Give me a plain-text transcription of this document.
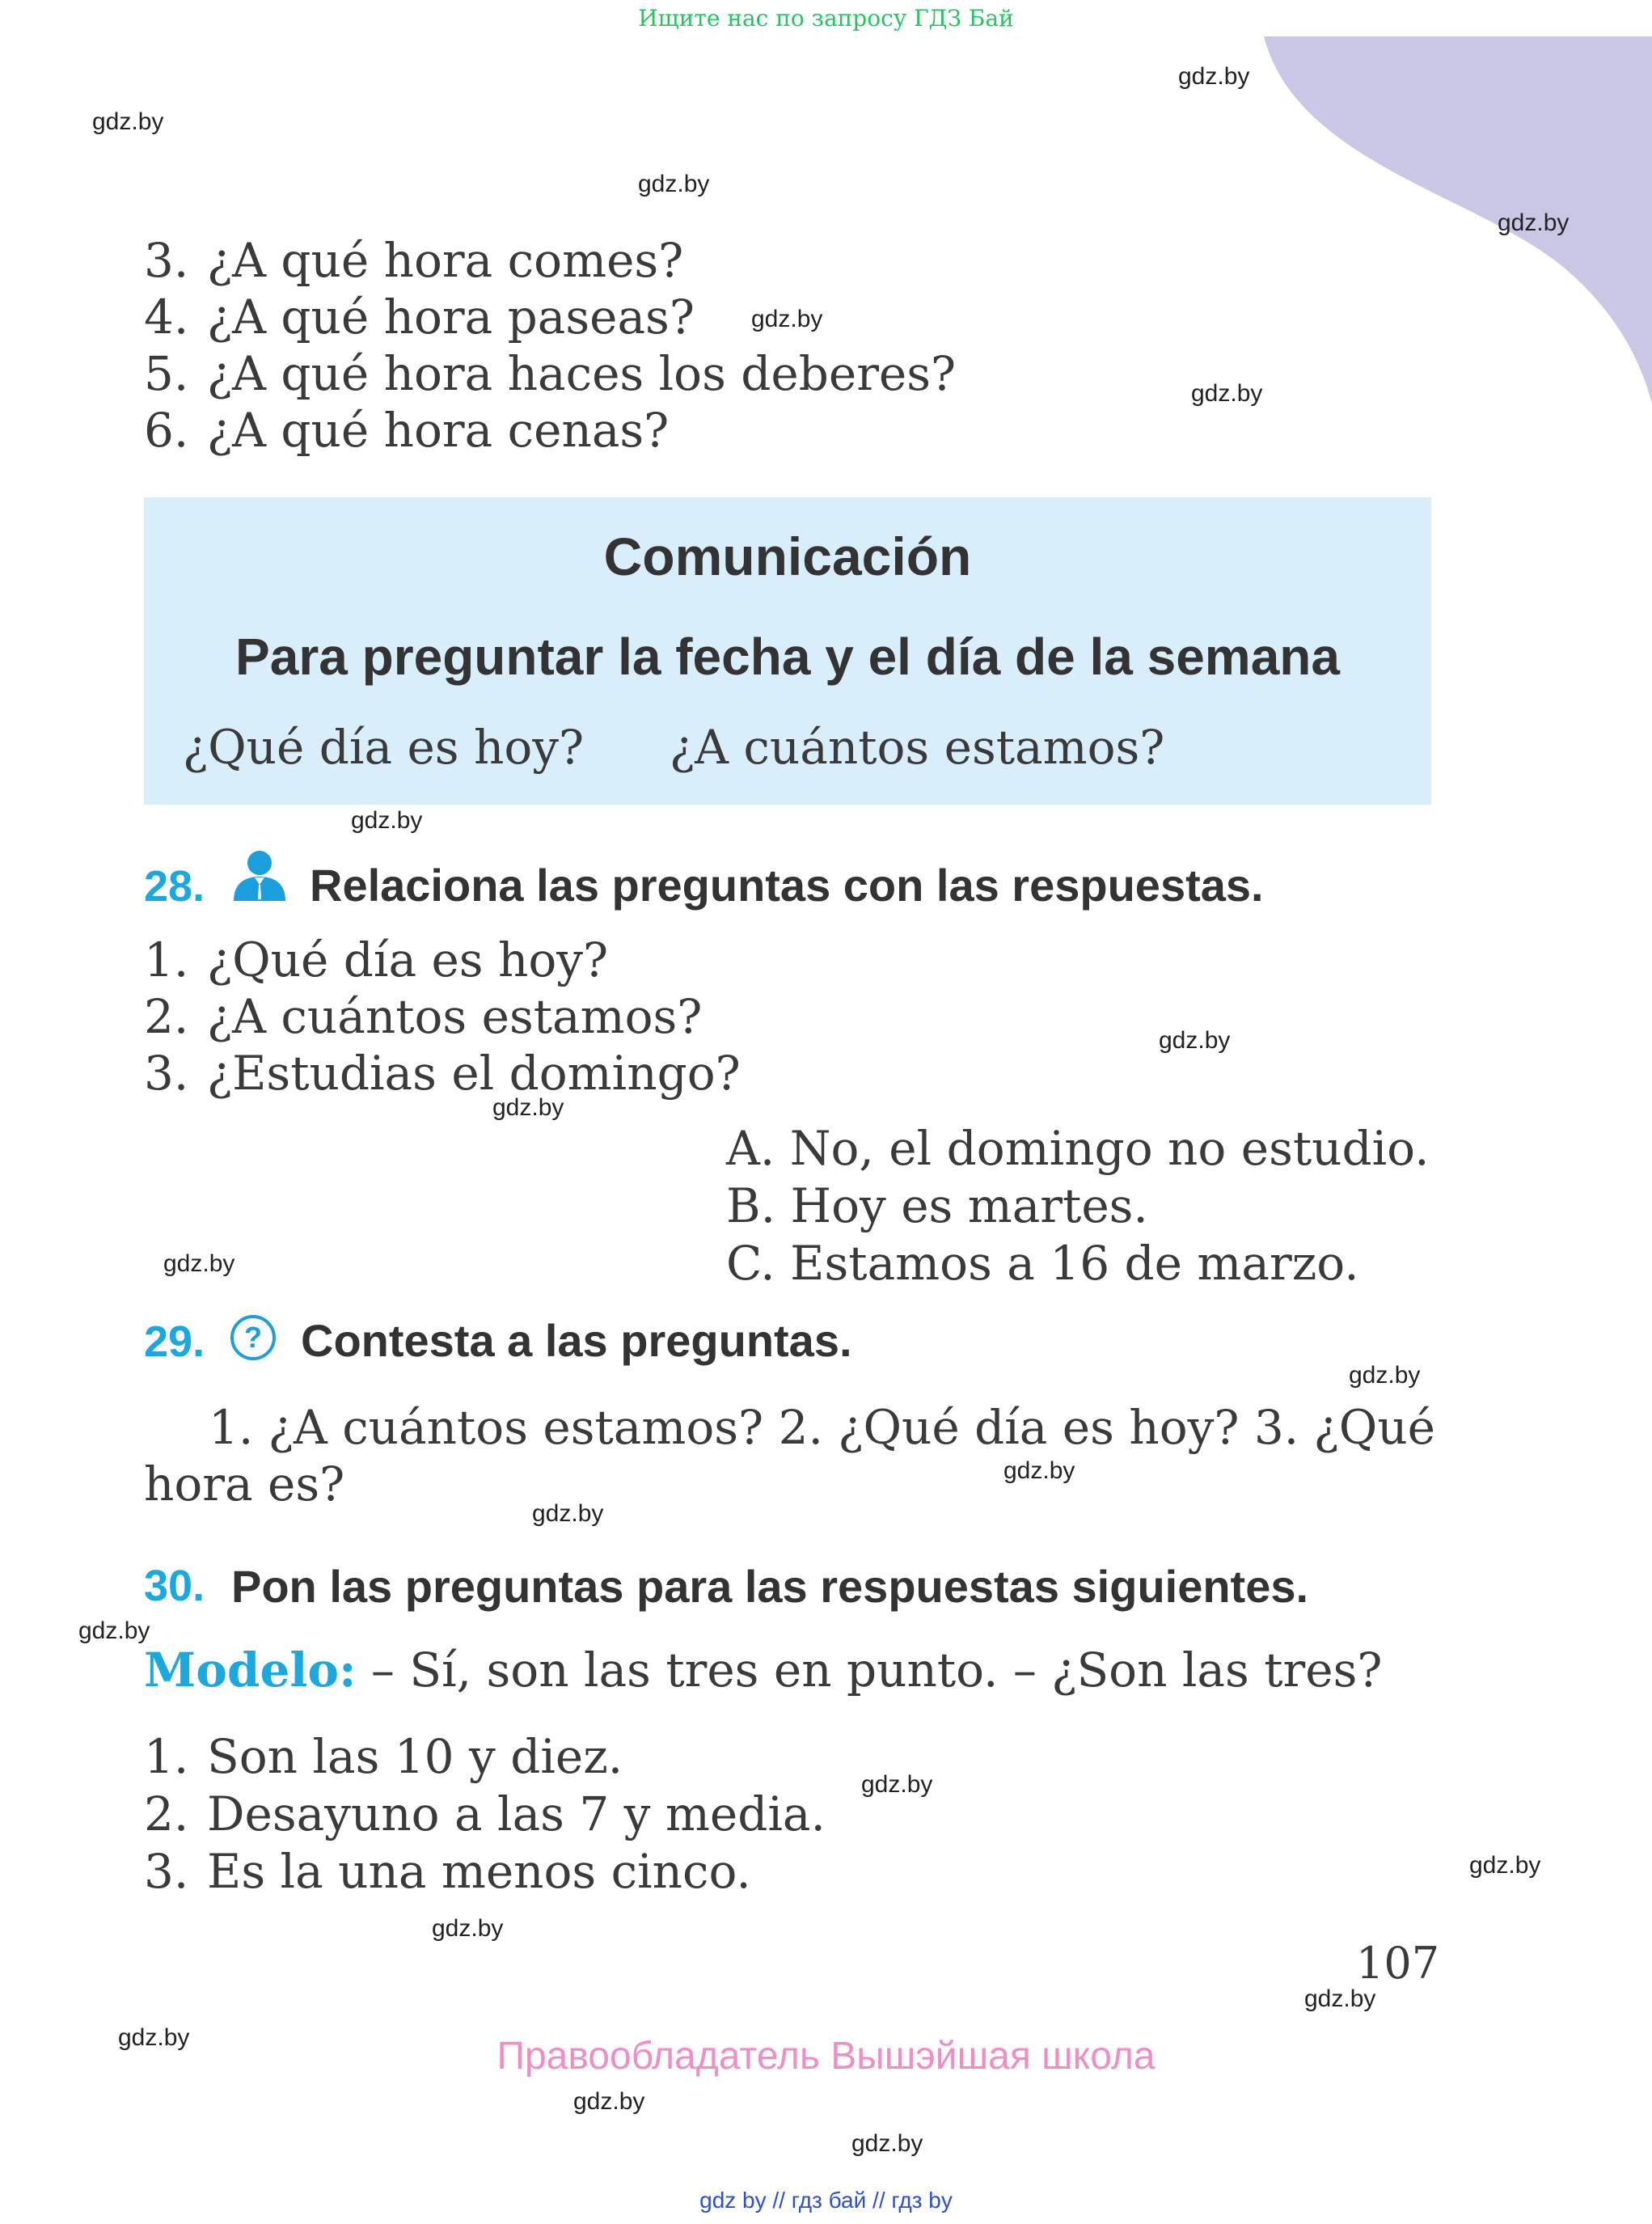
Ищите нас по запросу ГДЗ Бай
gdz.by
gdz.by
gdz.by
gdz.by
gdz.by
gdz.by
gdz.by
gdz.by
gdz.by
gdz.by
gdz.by
gdz.by
gdz.by
gdz.by
gdz.by
gdz.by
gdz.by
gdz.by
gdz.by
gdz.by
gdz.by
3. ¿A qué hora comes?
4. ¿A qué hora paseas?
5. ¿A qué hora haces los deberes?
6. ¿A qué hora cenas?
Comunicación
Para preguntar la fecha y el día de la semana
¿Qué día es hoy? ¿A cuántos estamos?
28. Relaciona las preguntas con las respuestas.
1. ¿Qué día es hoy?
2. ¿A cuántos estamos?
3. ¿Estudias el domingo?
A. No, el domingo no estudio.
B. Hoy es martes.
C. Estamos a 16 de marzo.
29. ? Contesta a las preguntas.
1. ¿A cuántos estamos? 2. ¿Qué día es hoy? 3. ¿Qué
hora es?
30. Pon las preguntas para las respuestas siguientes.
Modelo: – Sí, son las tres en punto. – ¿Son las tres?
1. Son las 10 y diez.
2. Desayuno a las 7 y media.
3. Es la una menos cinco.
107
Правообладатель Вышэйшая школа
gdz by // гдз бай // гдз by
